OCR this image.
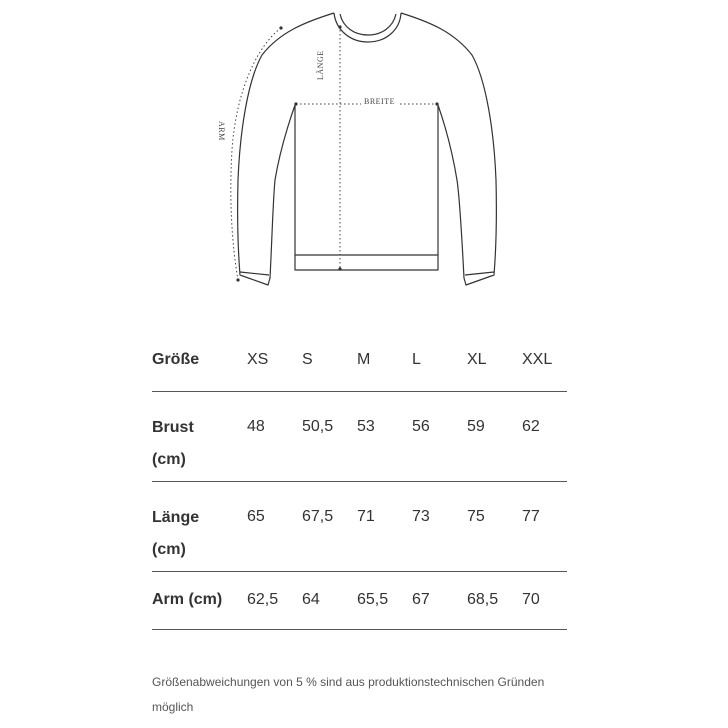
BREITE
LÄNGE
ARM
Größe	XS	S	M	L	XL	XXL
Brust
(cm)	48	50,5	53	56	59	62
Länge
(cm)	65	67,5	71	73	75	77
Arm (cm)	62,5	64	65,5	67	68,5	70
Größenabweichungen von 5 % sind aus produktionstechnischen Gründen möglich
